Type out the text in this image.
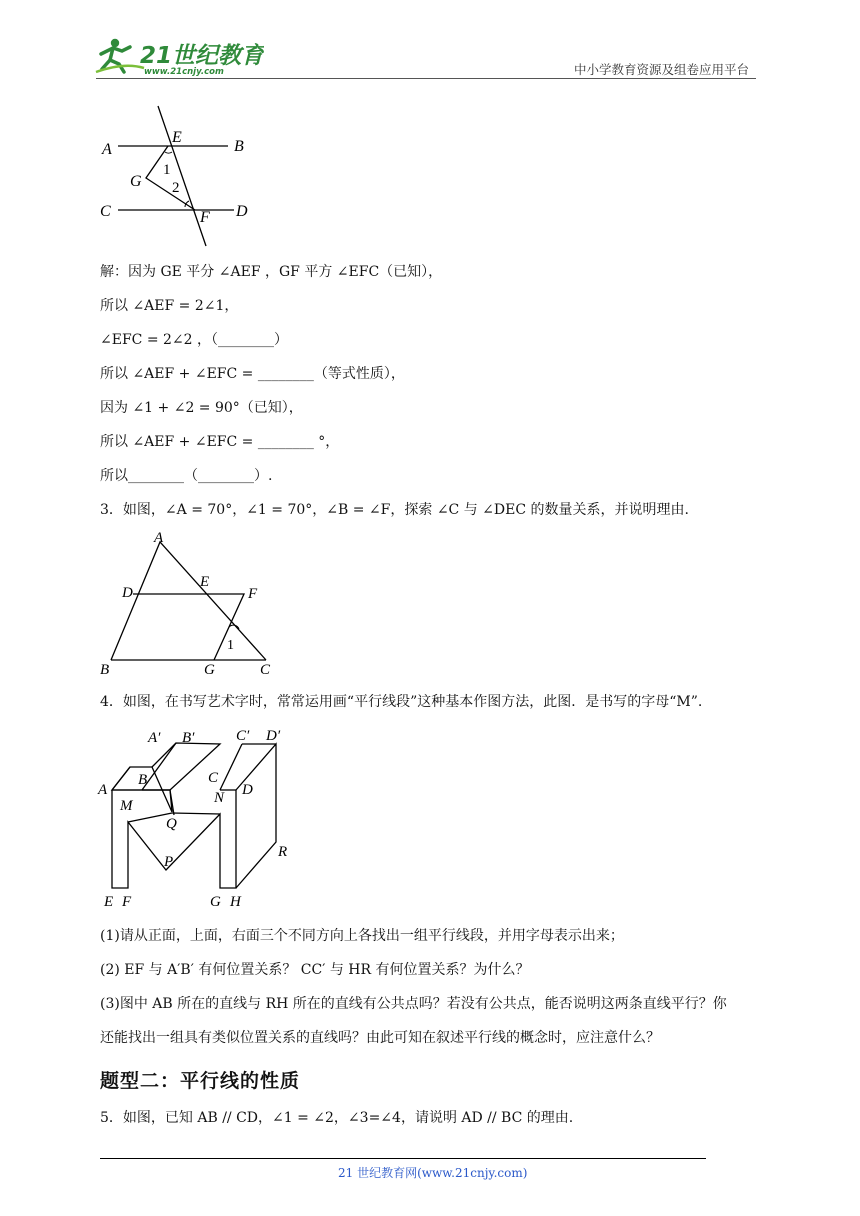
21世纪教育
www.21cnjy.com	中小学教育资源及组卷应用平台
A
E
B
G
1
2
C	F D
解：因为 GE 平分 ∠AEF ，GF 平方 ∠EFC（已知），
所以 ∠AEF = 2∠1，
∠EFC = 2∠2 ，（________）
所以 ∠AEF + ∠EFC = ________（等式性质），
因为 ∠1 + ∠2 = 90°（已知），
所以 ∠AEF + ∠EFC = ________ °，
所以________（________）.
3．如图，∠A = 70°，∠1 = 70°，∠B = ∠F，探索 ∠C 与 ∠DEC 的数量关系，并说明理由.
A
D
E
F
1
B	G	C
4．如图，在书写艺术字时，常常运用画“平行线段”这种基本作图方法，此图．是书写的字母“M”.
A′ B′	C′ D′
A
B	C
D
M	N
Q
P
R
E F	G H
(1)请从正面，上面，右面三个不同方向上各找出一组平行线段，并用字母表示出来；
(2) EF 与 A′B′ 有何位置关系？ CC′ 与 HR 有何位置关系？为什么？
(3)图中 AB 所在的直线与 RH 所在的直线有公共点吗？若没有公共点，能否说明这两条直线平行？你
还能找出一组具有类似位置关系的直线吗？由此可知在叙述平行线的概念时，应注意什么？
题型二：平行线的性质
5．如图，已知 AB // CD，∠1 = ∠2，∠3=∠4，请说明 AD // BC 的理由.
21 世纪教育网(www.21cnjy.com)
